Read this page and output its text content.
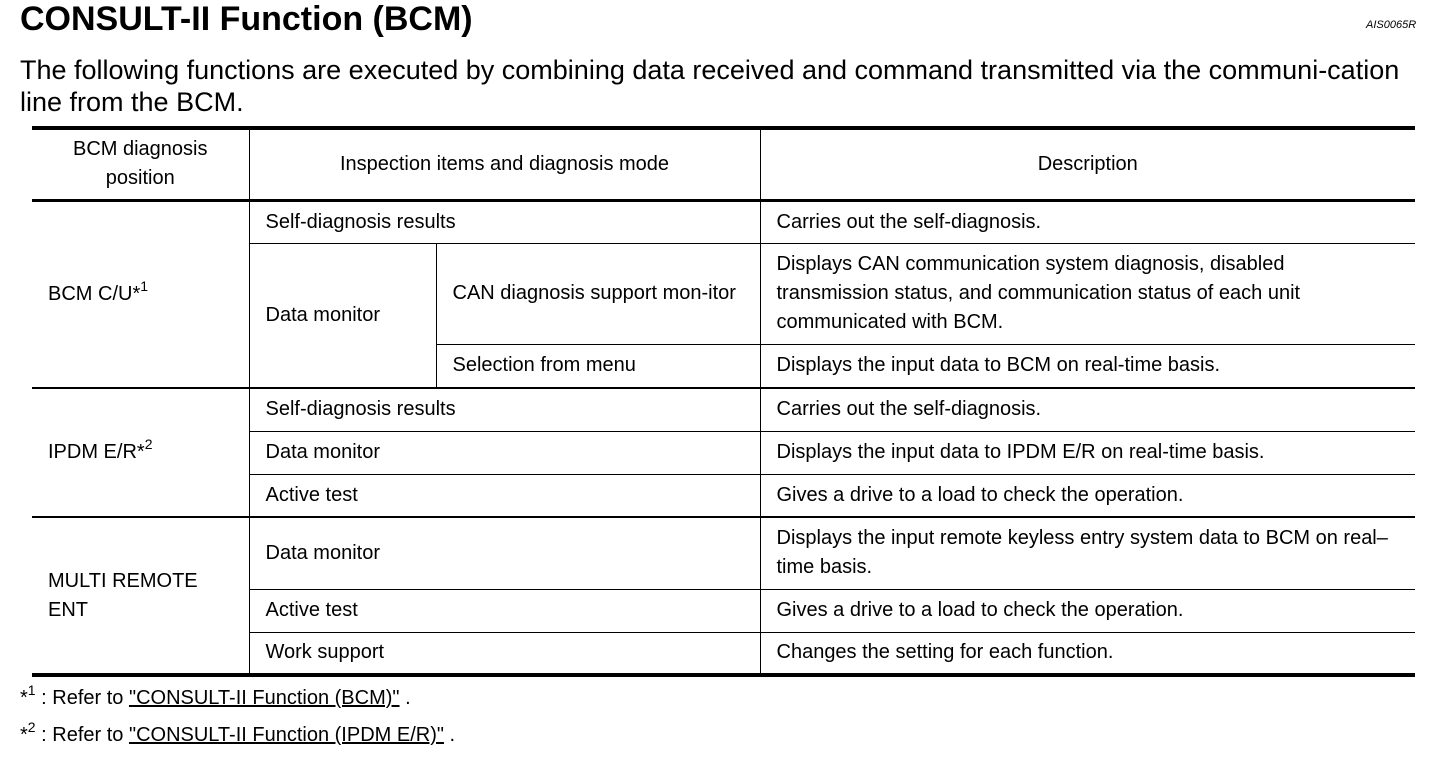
CONSULT-II Function (BCM)	AIS0065R
The following functions are executed by combining data received and command transmitted via the communi-cation line from the BCM.
BCM diagnosis position	Inspection items and diagnosis mode		Description
BCM C/U*$^1$	Self-diagnosis results		Carries out the self-diagnosis.
	Data monitor	CAN diagnosis support mon-itor	Displays CAN communication system diagnosis, disabled transmission status, and communication status of each unit communicated with BCM.
		Selection from menu	Displays the input data to BCM on real-time basis.

IPDM E/R*$^2$	Self-diagnosis results		Carries out the self-diagnosis.
	Data monitor		Displays the input data to IPDM E/R on real-time basis.
	Active test		Gives a drive to a load to check the operation.
MULTI REMOTE ENT	Data monitor		Displays the input remote keyless entry system data to BCM on real–time basis.
	Active test		Gives a drive to a load to check the operation.
	Work support		Changes the setting for each function.
*$^1$ : Refer to "CONSULT-II Function (BCM)" .
*$^2$ : Refer to "CONSULT-II Function (IPDM E/R)" .
